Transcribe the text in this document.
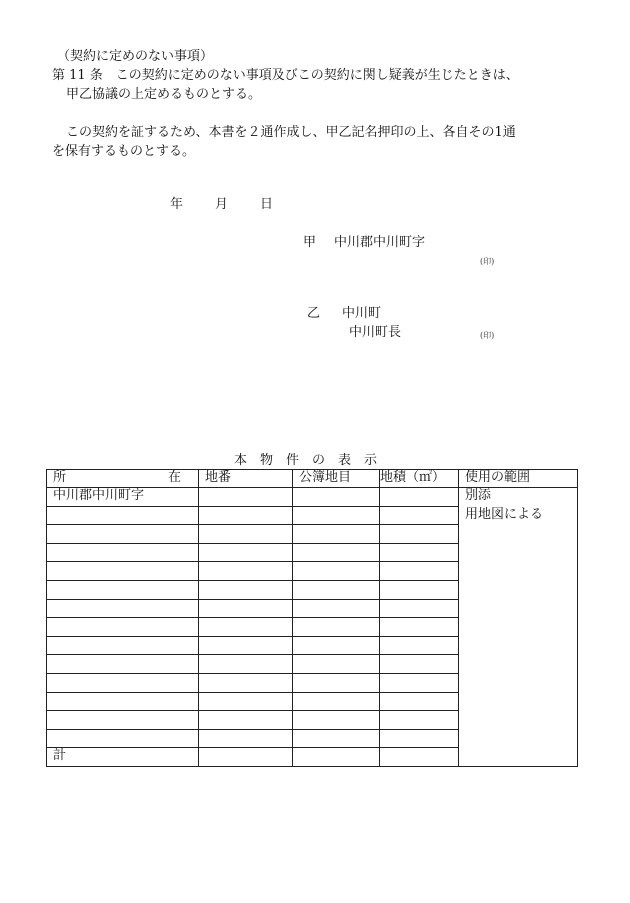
（契約に定めのない事項）
第 11 条　この契約に定めのない事項及びこの契約に関し疑義が生じたときは、
甲乙協議の上定めるものとする。
この契約を証するため、本書を２通作成し、甲乙記名押印の上、各自その1通
を保有するものとする。
年 月 日
甲 中川郡中川町字
(印)
乙 中川町
中川町長	(印)
本　物　件　の　表　示
所 在	地番	公簿地目	地積（㎡）	使用の範囲
中川郡中川町字				別添
用地図による

計				
